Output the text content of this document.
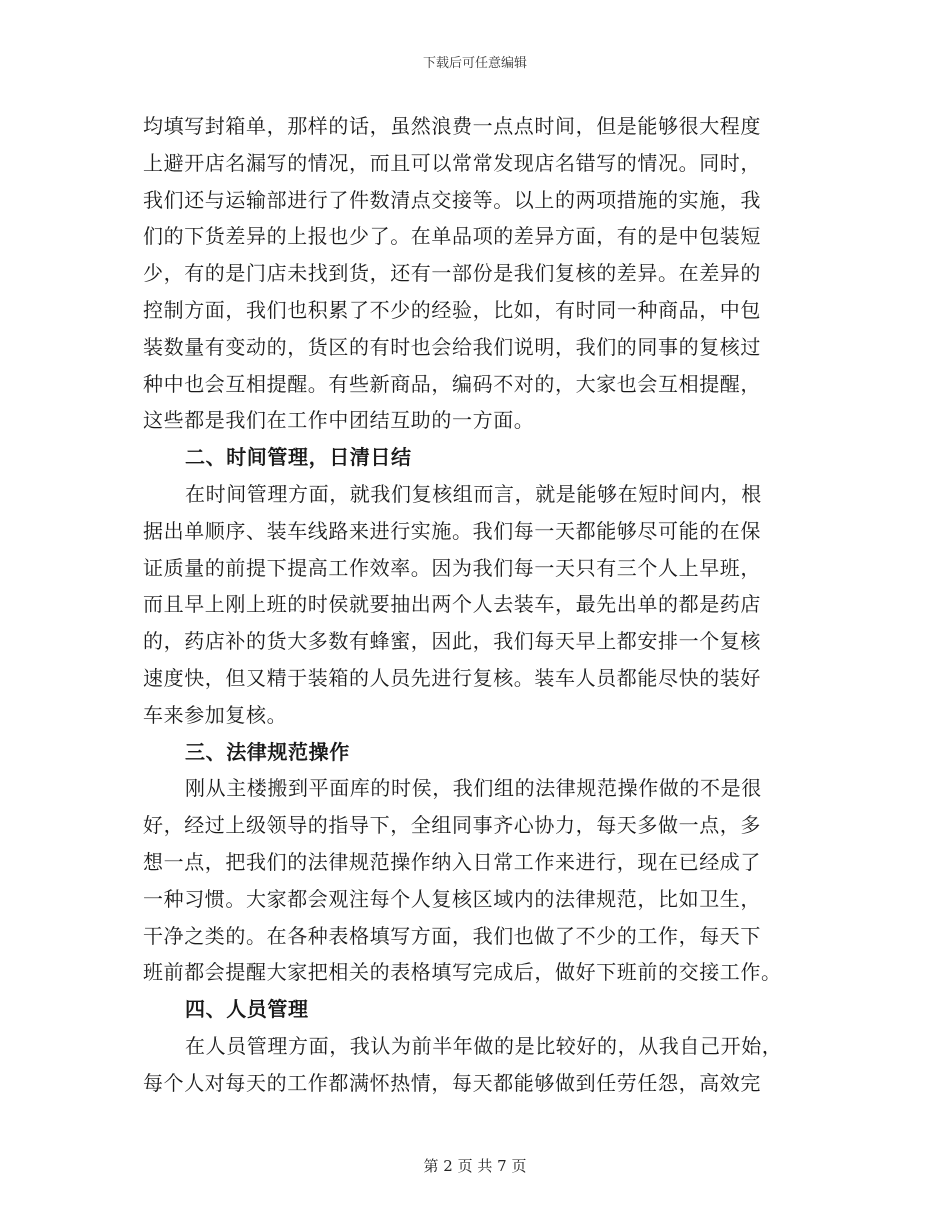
下载后可任意编辑
均填写封箱单，那样的话，虽然浪费一点点时间，但是能够很大程度
上避开店名漏写的情况，而且可以常常发现店名错写的情况。同时，
我们还与运输部进行了件数清点交接等。以上的两项措施的实施，我
们的下货差异的上报也少了。在单品项的差异方面，有的是中包装短
少，有的是门店未找到货，还有一部份是我们复核的差异。在差异的
控制方面，我们也积累了不少的经验，比如，有时同一种商品，中包
装数量有变动的，货区的有时也会给我们说明，我们的同事的复核过
种中也会互相提醒。有些新商品，编码不对的，大家也会互相提醒，
这些都是我们在工作中团结互助的一方面。
二、时间管理，日清日结
在时间管理方面，就我们复核组而言，就是能够在短时间内，根
据出单顺序、装车线路来进行实施。我们每一天都能够尽可能的在保
证质量的前提下提高工作效率。因为我们每一天只有三个人上早班，
而且早上刚上班的时侯就要抽出两个人去装车，最先出单的都是药店
的，药店补的货大多数有蜂蜜，因此，我们每天早上都安排一个复核
速度快，但又精于装箱的人员先进行复核。装车人员都能尽快的装好
车来参加复核。
三、法律规范操作
刚从主楼搬到平面库的时侯，我们组的法律规范操作做的不是很
好，经过上级领导的指导下，全组同事齐心协力，每天多做一点，多
想一点，把我们的法律规范操作纳入日常工作来进行，现在已经成了
一种习惯。大家都会观注每个人复核区域内的法律规范，比如卫生，
干净之类的。在各种表格填写方面，我们也做了不少的工作，每天下
班前都会提醒大家把相关的表格填写完成后，做好下班前的交接工作。
四、人员管理
在人员管理方面，我认为前半年做的是比较好的，从我自己开始，
每个人对每天的工作都满怀热情，每天都能够做到任劳任怨，高效完
第 2 页 共 7 页
